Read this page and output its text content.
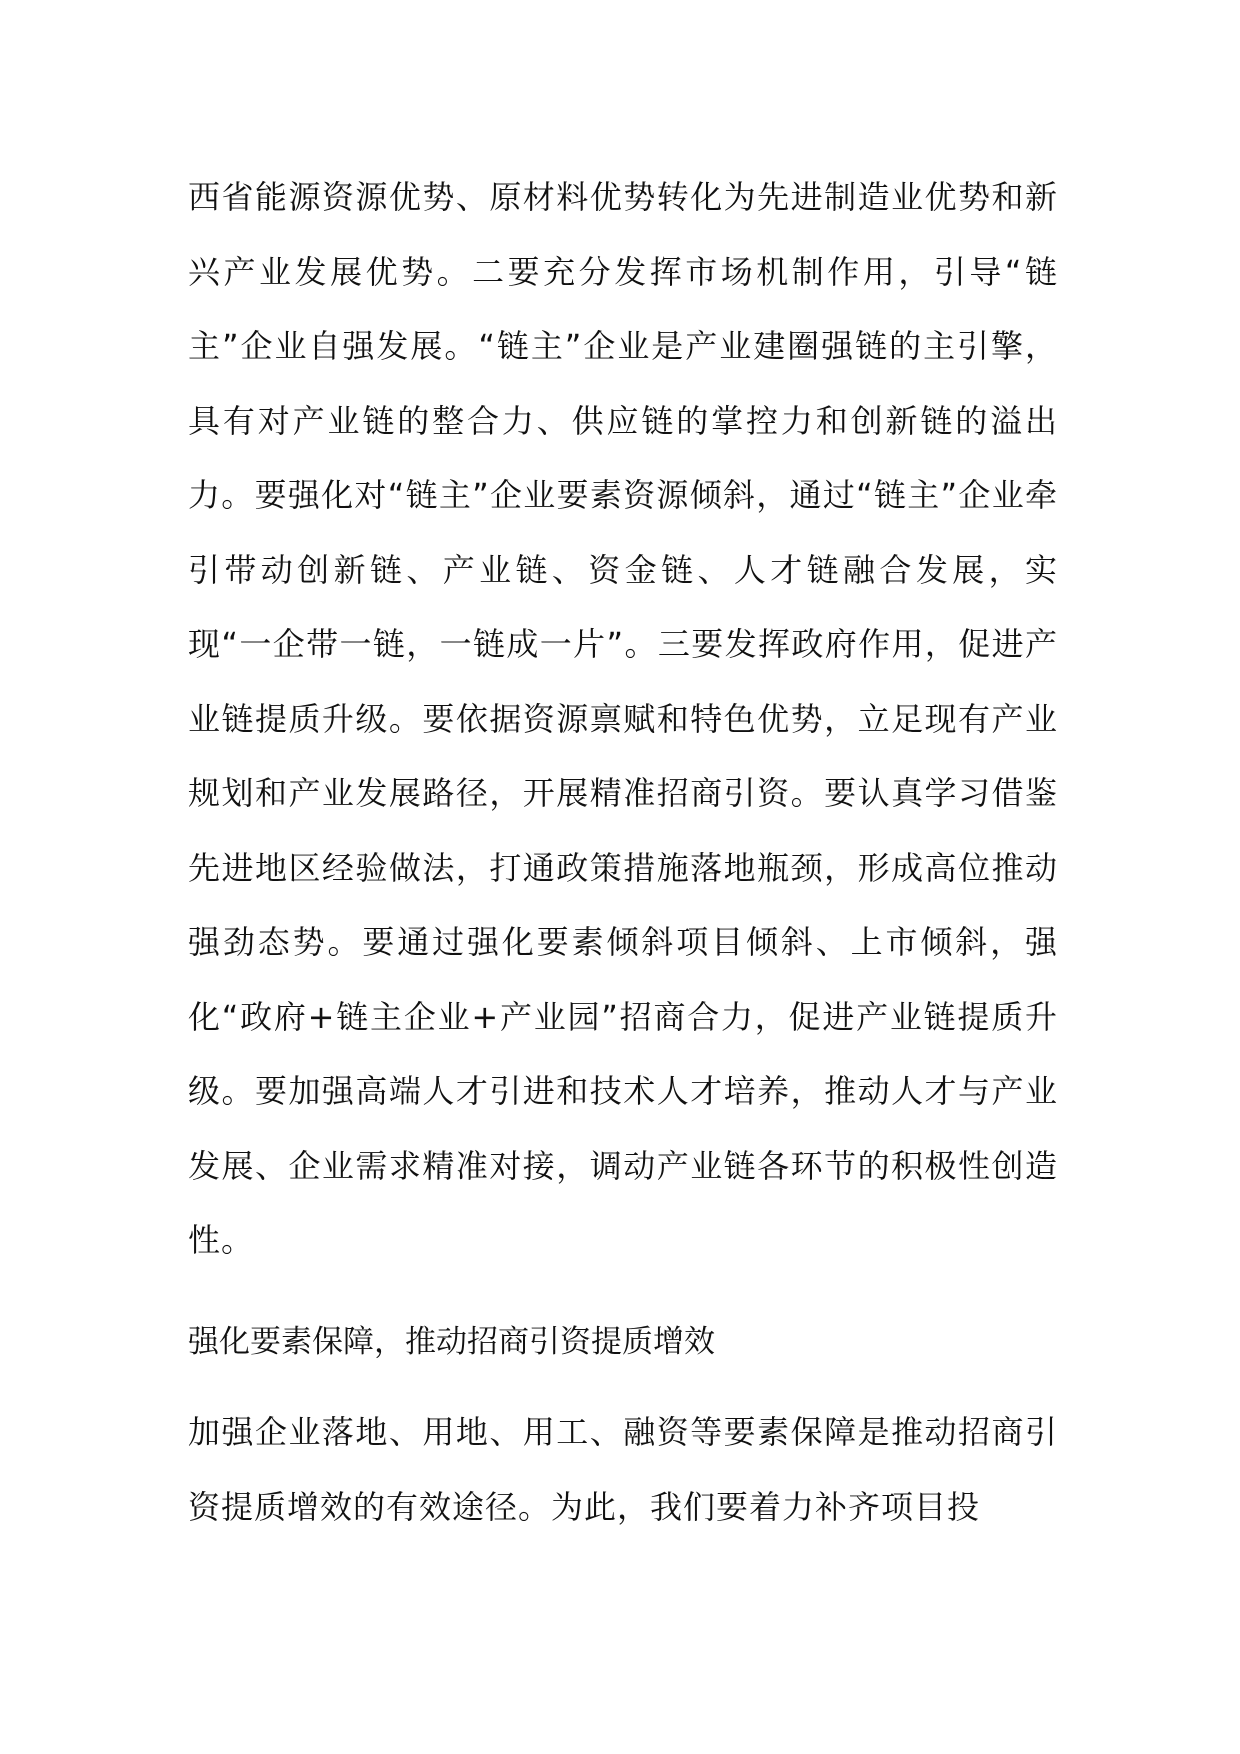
西省能源资源优势、原材料优势转化为先进制造业优势和新兴产业发展优势。二要充分发挥市场机制作用，引导“链主”企业自强发展。“链主”企业是产业建圈强链的主引擎，具有对产业链的整合力、供应链的掌控力和创新链的溢出力。要强化对“链主”企业要素资源倾斜，通过“链主”企业牵引带动创新链、产业链、资金链、人才链融合发展，实现“一企带一链，一链成一片”。三要发挥政府作用，促进产业链提质升级。要依据资源禀赋和特色优势，立足现有产业规划和产业发展路径，开展精准招商引资。要认真学习借鉴先进地区经验做法，打通政策措施落地瓶颈，形成高位推动强劲态势。要通过强化要素倾斜项目倾斜、上市倾斜，强化“政府+链主企业+产业园”招商合力，促进产业链提质升级。要加强高端人才引进和技术人才培养，推动人才与产业发展、企业需求精准对接，调动产业链各环节的积极性创造性。

强化要素保障，推动招商引资提质增效

加强企业落地、用地、用工、融资等要素保障是推动招商引资提质增效的有效途径。为此，我们要着力补齐项目投
